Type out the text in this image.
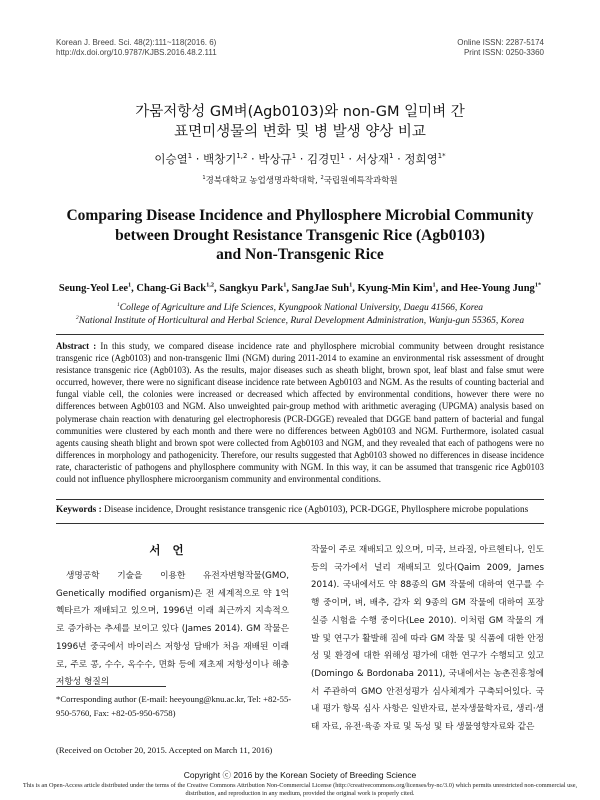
Korean J. Breed. Sci. 48(2):111~118(2016. 6)	Online ISSN: 2287-5174

http://dx.doi.org/10.9787/KJBS.2016.48.2.111	Print ISSN: 0250-3360
가뭄저항성 GM벼(Agb0103)와 non-GM 일미벼 간
표면미생물의 변화 및 병 발생 양상 비교
이승열$^1$ · 백창기$^{1,2}$ · 박상규$^1$ · 김경민$^1$ · 서상재$^1$ · 정희영$^{1*}$
$^1$경북대학교 농업생명과학대학, $^2$국립원예특작과학원
Comparing Disease Incidence and Phyllosphere Microbial Community
between Drought Resistance Transgenic Rice (Agb0103)
and Non-Transgenic Rice
Seung-Yeol Lee$^1$, Chang-Gi Back$^{1,2}$, Sangkyu Park$^1$, SangJae Suh$^1$, Kyung-Min Kim$^1$, and Hee-Young Jung$^{1*}$
$^1$College of Agriculture and Life Sciences, Kyungpook National University, Daegu 41566, Korea
$^2$National Institute of Horticultural and Herbal Science, Rural Development Administration, Wanju-gun 55365, Korea
Abstract : In this study, we compared disease incidence rate and phyllosphere microbial community between drought resistance transgenic rice (Agb0103) and non-transgenic Ilmi (NGM) during 2011-2014 to examine an environmental risk assessment of drought resistance transgenic rice (Agb0103). As the results, major diseases such as sheath blight, brown spot, leaf blast and false smut were occurred, however, there were no significant disease incidence rate between Agb0103 and NGM. As the results of counting bacterial and fungal viable cell, the colonies were increased or decreased which affected by environmental conditions, however there were no differences between Agb0103 and NGM. Also unweighted pair-group method with arithmetic averaging (UPGMA) analysis based on polymerase chain reaction with denaturing gel electrophoresis (PCR-DGGE) revealed that DGGE band pattern of bacterial and fungal communities were clustered by each month and there were no differences between Agb0103 and NGM. Furthermore, isolated casual agents causing sheath blight and brown spot were collected from Agb0103 and NGM, and they revealed that each of pathogens were no differences in morphology and pathogenicity. Therefore, our results suggested that Agb0103 showed no differences in disease incidence rate, characteristic of pathogens and phyllosphere community with NGM. In this way, it can be assumed that transgenic rice Agb0103 could not influence phyllosphere microorganism community and environmental conditions.
Keywords : Disease incidence, Drought resistance transgenic rice (Agb0103), PCR-DGGE, Phyllosphere microbe populations
서언
생명공학 기술을 이용한 유전자변형작물(GMO, Genetically modified organism)은 전 세계적으로 약 1억 헥타르가 재배되고 있으며, 1996년 이래 최근까지 지속적으로 증가하는 추세를 보이고 있다 (James 2014). GM 작물은 1996년 중국에서 바이러스 저항성 담배가 처음 재배된 이래로, 주로 콩, 수수, 옥수수, 면화 등에 제초제 저항성이나 해충저항성 형질의
작물이 주로 재배되고 있으며, 미국, 브라질, 아르헨티나, 인도 등의 국가에서 널리 재배되고 있다(Qaim 2009, James 2014). 국내에서도 약 88종의 GM 작물에 대하여 연구를 수행 중이며, 벼, 배추, 감자 외 9종의 GM 작물에 대하여 포장 실증 시험을 수행 중이다(Lee 2010). 이처럼 GM 작물의 개발 및 연구가 활발해 짐에 따라 GM 작물 및 식품에 대한 안정성 및 환경에 대한 위해성 평가에 대한 연구가 수행되고 있고(Domingo & Bordonaba 2011), 국내에서는 농촌진흥청에서 주관하여 GMO 안전성평가 심사체계가 구축되어있다. 국내 평가 항목 심사 사항은 일반자료, 분자생물학자료, 생리·생태 자료, 유전·육종 자료 및 독성 및 타 생물영향자료와 같은
*Corresponding author (E-mail: heeyoung@knu.ac.kr, Tel: +82-55-950-5760, Fax: +82-05-950-6758)
(Received on October 20, 2015. Accepted on March 11, 2016)
Copyright ⓒ 2016 by the Korean Society of Breeding Science
This is an Open-Access article distributed under the terms of the Creative Commons Attribution Non-Commercial License (http://creativecommons.org/licenses/by-nc/3.0) which permits unrestricted non-commercial use, distribution, and reproduction in any medium, provided the original work is properly cited.
